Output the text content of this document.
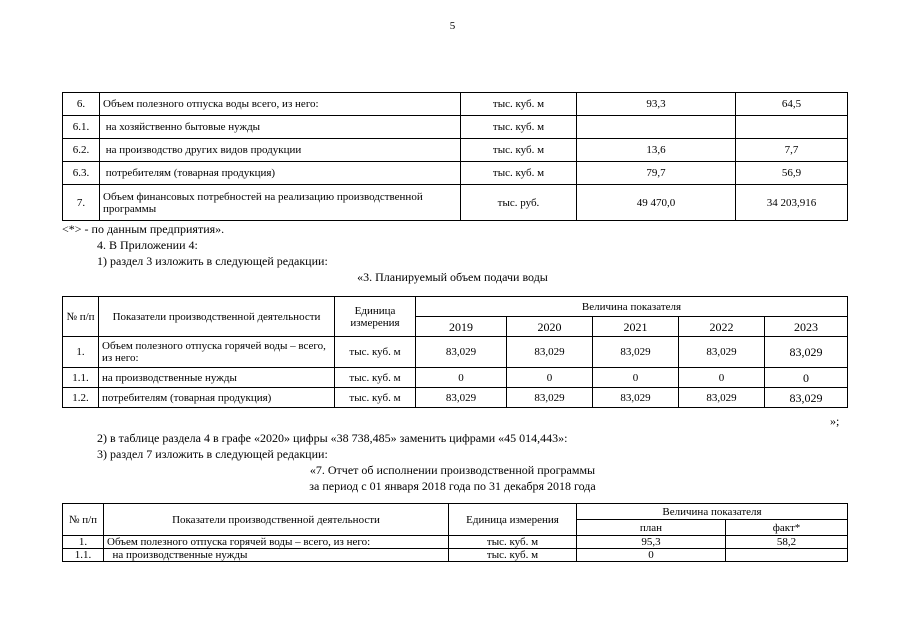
5
6.	Объем полезного отпуска воды всего, из него:	тыс. куб. м	93,3	64,5
6.1.	на хозяйственно бытовые нужды	тыс. куб. м		
6.2.	на производство других видов продукции	тыс. куб. м	13,6	7,7
6.3.	потребителям (товарная продукция)	тыс. куб. м	79,7	56,9
7.	Объем финансовых потребностей на реализацию производственной программы	тыс. руб.	49 470,0	34 203,916
<*> - по данным предприятия».
4. В Приложении 4:
1) раздел 3 изложить в следующей редакции:
«3. Планируемый объем подачи воды
№ п/п	Показатели производственной деятельности	Единица измерения	Величина показателя				
			2019	2020	2021	2022	2023
1.	Объем полезного отпуска горячей воды – всего, из него:	тыс. куб. м	83,029	83,029	83,029	83,029	83,029
1.1.	на производственные нужды	тыс. куб. м	0	0	0	0	0
1.2.	потребителям (товарная продукция)	тыс. куб. м	83,029	83,029	83,029	83,029	83,029
»;
2) в таблице раздела 4 в графе «2020» цифры «38 738,485» заменить цифрами «45 014,443»:
3) раздел 7 изложить в следующей редакции:
«7. Отчет об исполнении производственной программы
за период с 01 января 2018 года по 31 декабря 2018 года
№ п/п	Показатели производственной деятельности	Единица измерения	Величина показателя	
			план	факт*
1.	Объем полезного отпуска горячей воды – всего, из него:	тыс. куб. м	95,3	58,2
1.1.	на производственные нужды	тыс. куб. м	0	
